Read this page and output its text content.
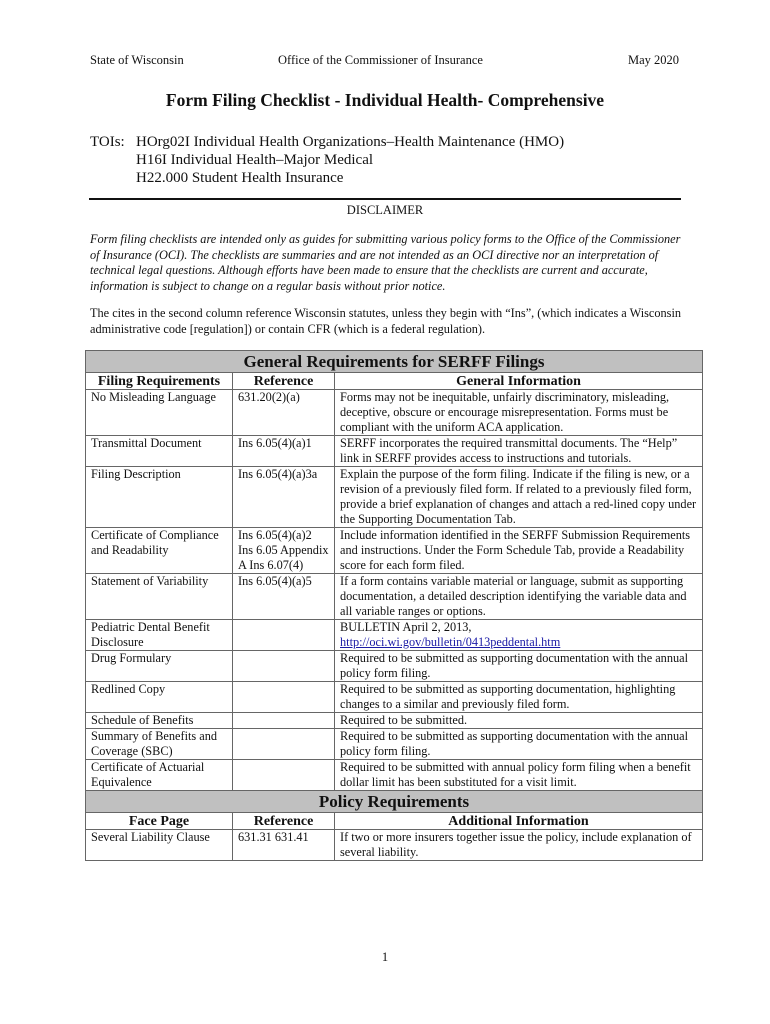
State of Wisconsin	Office of the Commissioner of Insurance	May 2020
Form Filing Checklist - Individual Health- Comprehensive
TOIs: HOrg02I Individual Health Organizations–Health Maintenance (HMO)
H16I Individual Health–Major Medical
H22.000 Student Health Insurance
DISCLAIMER
Form filing checklists are intended only as guides for submitting various policy forms to the Office of the Commissioner of Insurance (OCI). The checklists are summaries and are not intended as an OCI directive nor an interpretation of technical legal questions. Although efforts have been made to ensure that the checklists are current and accurate, information is subject to change on a regular basis without prior notice.
The cites in the second column reference Wisconsin statutes, unless they begin with “Ins”, (which indicates a Wisconsin administrative code [regulation]) or contain CFR (which is a federal regulation).
General Requirements for SERFF Filings		
Filing Requirements	Reference	General Information
No Misleading Language	631.20(2)(a)	Forms may not be inequitable, unfairly discriminatory, misleading, deceptive, obscure or encourage misrepresentation. Forms must be compliant with the uniform ACA application.
Transmittal Document	Ins 6.05(4)(a)1	SERFF incorporates the required transmittal documents. The “Help” link in SERFF provides access to instructions and tutorials.
Filing Description	Ins 6.05(4)(a)3a	Explain the purpose of the form filing. Indicate if the filing is new, or a revision of a previously filed form. If related to a previously filed form, provide a brief explanation of changes and attach a red-lined copy under the Supporting Documentation Tab.
Certificate of Compliance and Readability	Ins 6.05(4)(a)2 Ins 6.05 Appendix A Ins 6.07(4)	Include information identified in the SERFF Submission Requirements and instructions. Under the Form Schedule Tab, provide a Readability score for each form filed.
Statement of Variability	Ins 6.05(4)(a)5	If a form contains variable material or language, submit as supporting documentation, a detailed description identifying the variable data and all variable ranges or options.
Pediatric Dental Benefit Disclosure		BULLETIN April 2, 2013,
http://oci.wi.gov/bulletin/0413peddental.htm
Drug Formulary		Required to be submitted as supporting documentation with the annual policy form filing.
Redlined Copy		Required to be submitted as supporting documentation, highlighting changes to a similar and previously filed form.
Schedule of Benefits		Required to be submitted.
Summary of Benefits and Coverage (SBC)		Required to be submitted as supporting documentation with the annual policy form filing.
Certificate of Actuarial Equivalence		Required to be submitted with annual policy form filing when a benefit dollar limit has been substituted for a visit limit.
Policy Requirements		
Face Page	Reference	Additional Information
Several Liability Clause	631.31 631.41	If two or more insurers together issue the policy, include explanation of several liability.
1
